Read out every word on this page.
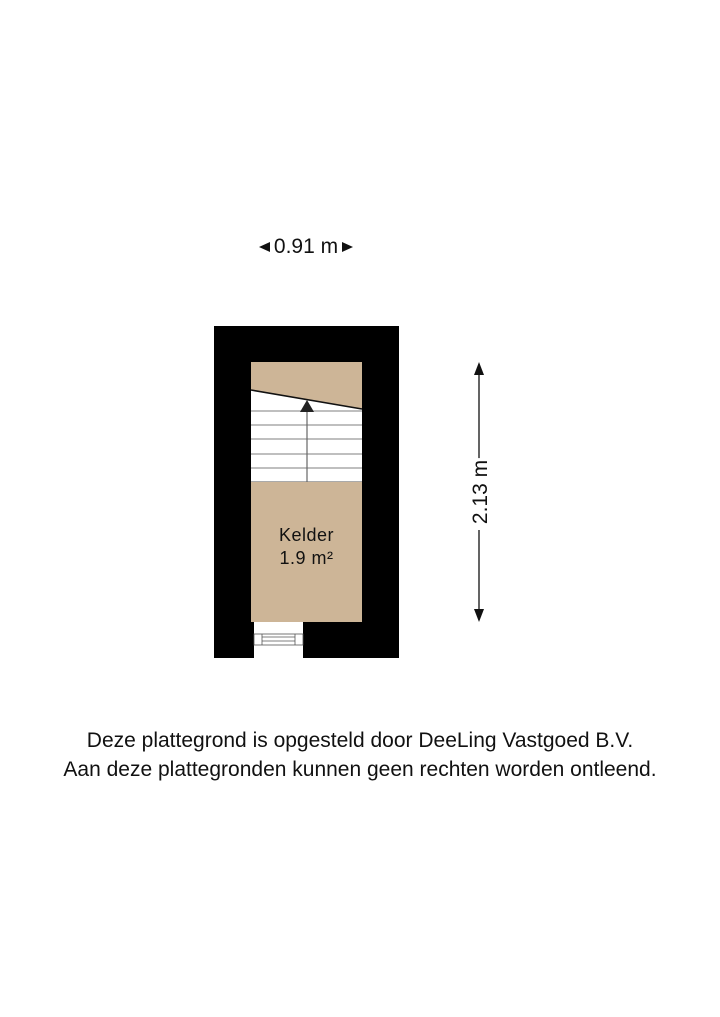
0.91 m
2.13 m
Kelder
1.9 m²
Deze plattegrond is opgesteld door DeeLing Vastgoed B.V.
Aan deze plattegronden kunnen geen rechten worden ontleend.
